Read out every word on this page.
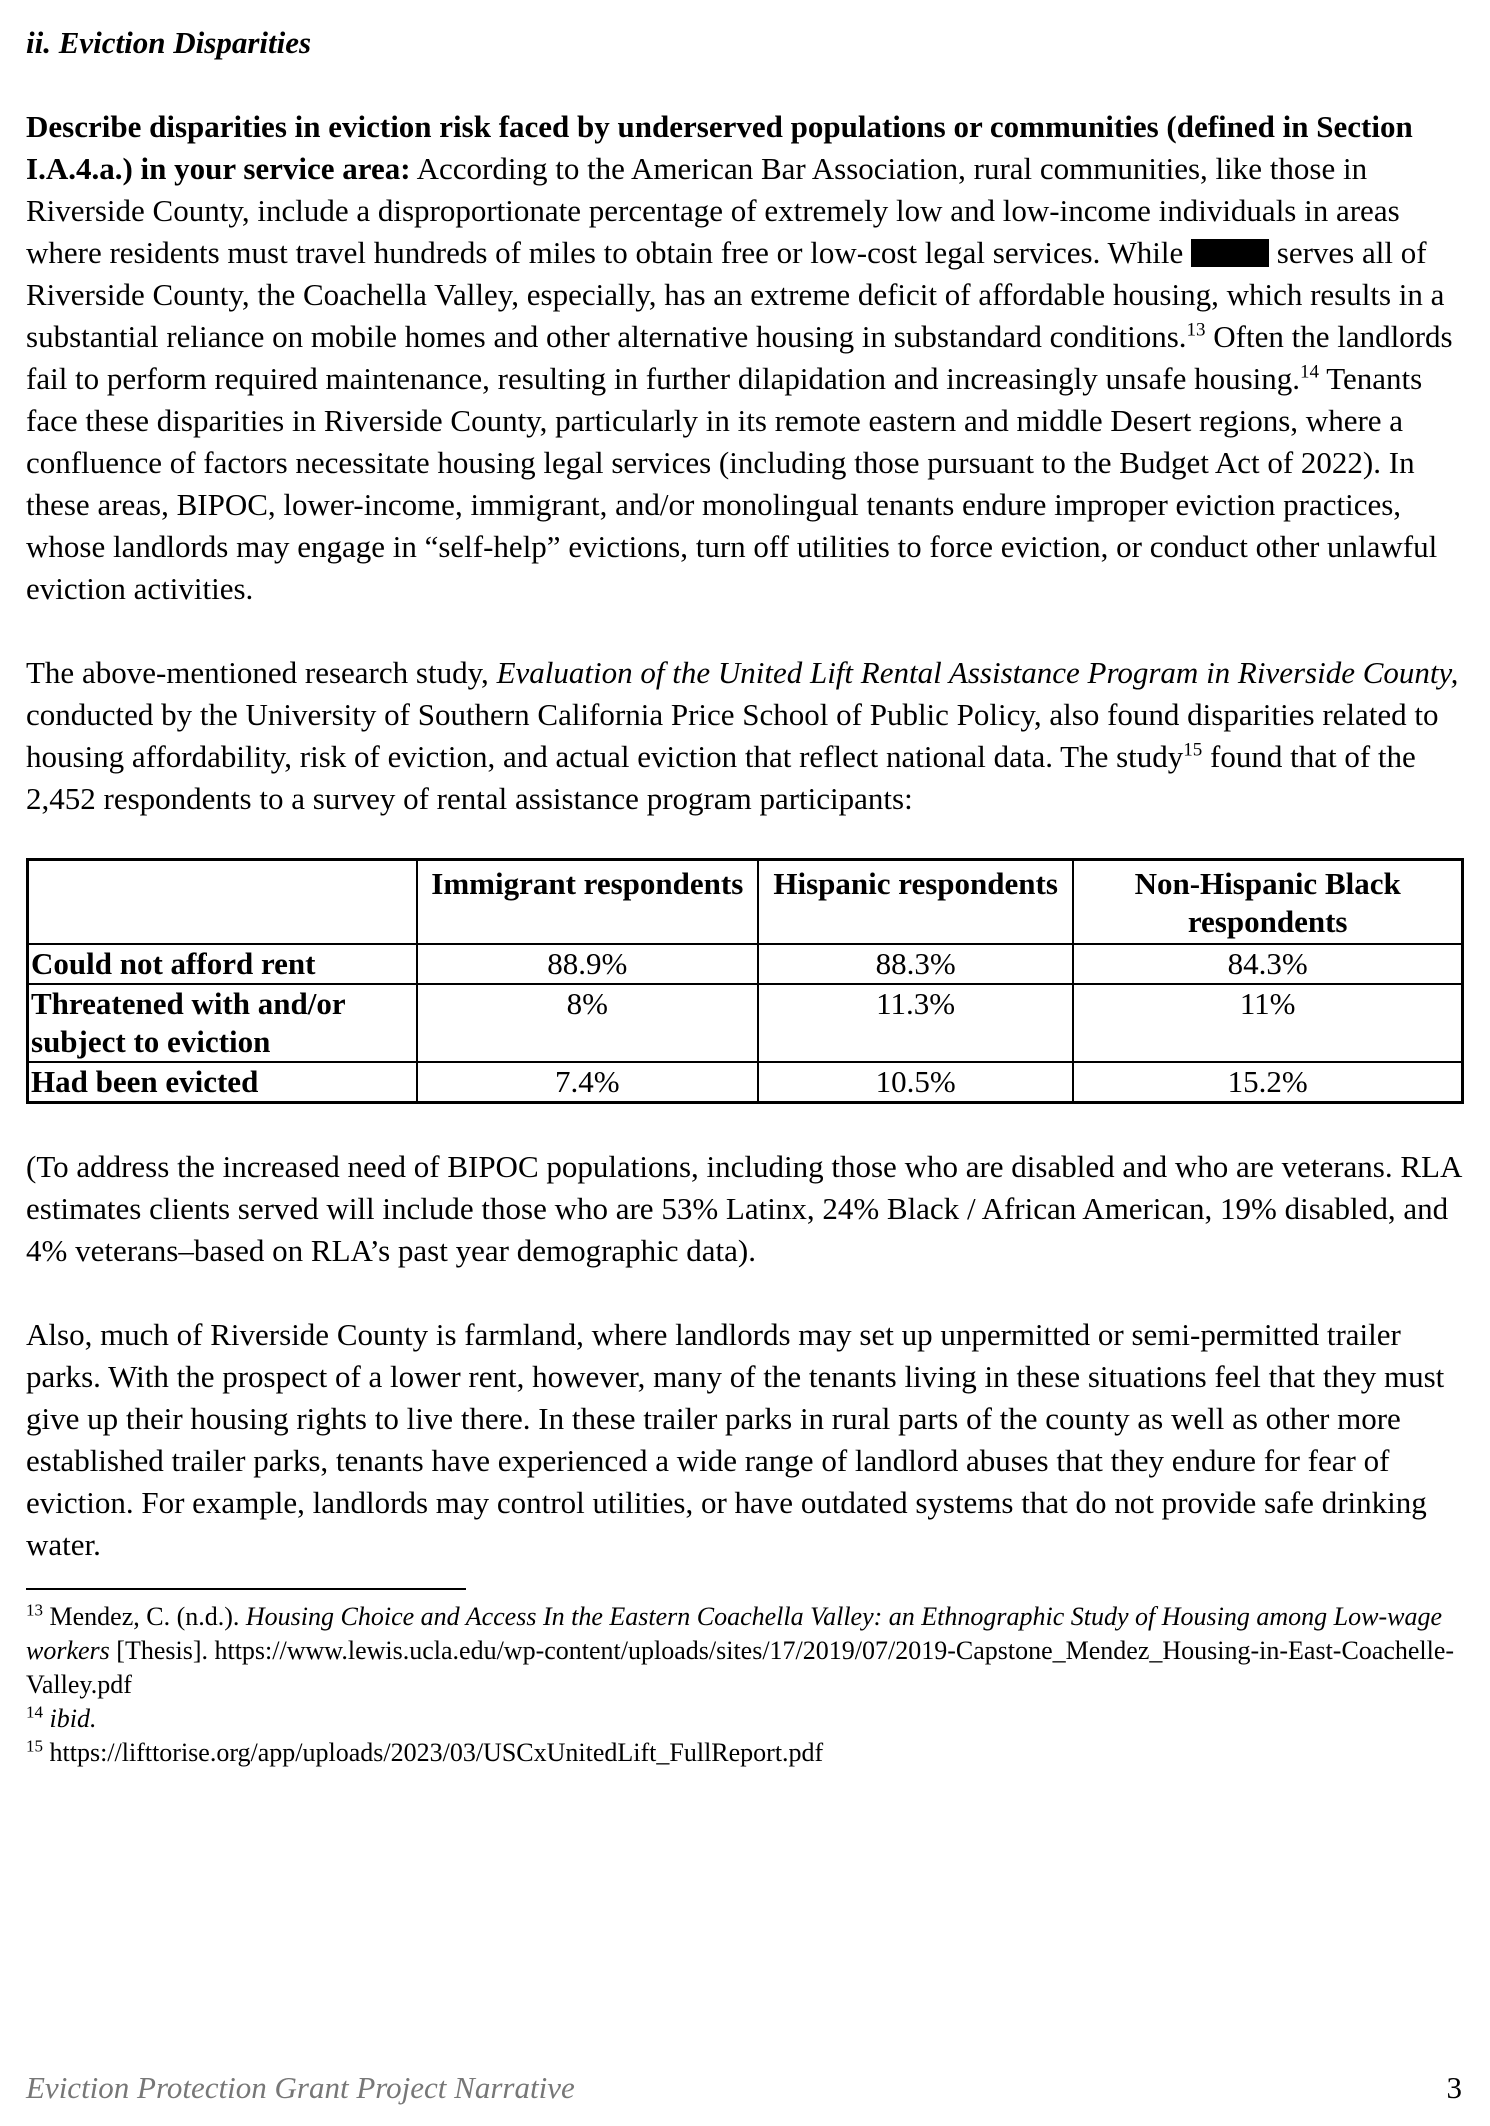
ii. Eviction Disparities

Describe disparities in eviction risk faced by underserved populations or communities (defined in Section I.A.4.a.) in your service area: According to the American Bar Association, rural communities, like those in Riverside County, include a disproportionate percentage of extremely low and low-income individuals in areas where residents must travel hundreds of miles to obtain free or low-cost legal services. While	serves all of Riverside County, the Coachella Valley, especially, has an extreme deficit of affordable housing, which results in a substantial reliance on mobile homes and other alternative housing in substandard conditions.$^{13}$ Often the landlords fail to perform required maintenance, resulting in further dilapidation and increasingly unsafe housing.$^{14}$ Tenants face these disparities in Riverside County, particularly in its remote eastern and middle Desert regions, where a confluence of factors necessitate housing legal services (including those pursuant to the Budget Act of 2022). In these areas, BIPOC, lower-income, immigrant, and/or monolingual tenants endure improper eviction practices, whose landlords may engage in “self-help” evictions, turn off utilities to force eviction, or conduct other unlawful eviction activities.

The above-mentioned research study, Evaluation of the United Lift Rental Assistance Program in Riverside County, conducted by the University of Southern California Price School of Public Policy, also found disparities related to housing affordability, risk of eviction, and actual eviction that reflect national data. The study$^{15}$ found that of the 2,452 respondents to a survey of rental assistance program participants:

	Immigrant respondents	Hispanic respondents	Non-Hispanic Black respondents
Could not afford rent	88.9%	88.3%	84.3%
Threatened with and/or subject to eviction	8%	11.3%	11%
Had been evicted	7.4%	10.5%	15.2%

(To address the increased need of BIPOC populations, including those who are disabled and who are veterans. RLA estimates clients served will include those who are 53% Latinx, 24% Black / African American, 19% disabled, and 4% veterans–based on RLA’s past year demographic data).

Also, much of Riverside County is farmland, where landlords may set up unpermitted or semi-permitted trailer parks. With the prospect of a lower rent, however, many of the tenants living in these situations feel that they must give up their housing rights to live there. In these trailer parks in rural parts of the county as well as other more established trailer parks, tenants have experienced a wide range of landlord abuses that they endure for fear of eviction. For example, landlords may control utilities, or have outdated systems that do not provide safe drinking water.

$^{13}$ Mendez, C. (n.d.). Housing Choice and Access In the Eastern Coachella Valley: an Ethnographic Study of Housing among Low-wage workers [Thesis]. https://www.lewis.ucla.edu/wp-content/uploads/sites/17/2019/07/2019-Capstone_Mendez_Housing-in-East-Coachelle-Valley.pdf

$^{14}$ ibid.

$^{15}$ https://lifttorise.org/app/uploads/2023/03/USCxUnitedLift_FullReport.pdf

Eviction Protection Grant Project Narrative	3
